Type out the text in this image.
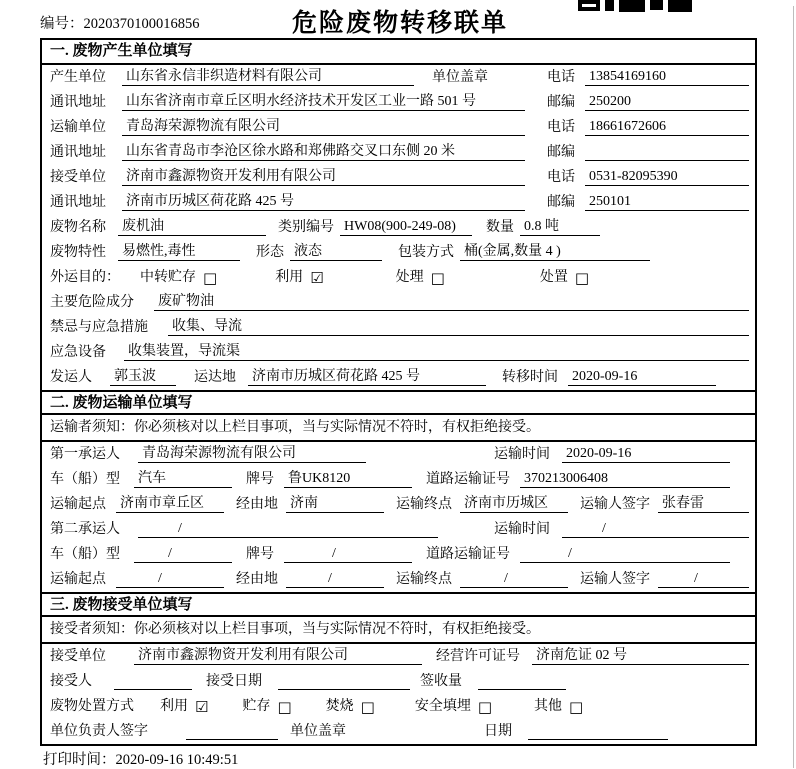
编号：2020370100016856	危险废物转移联单
一. 废物产生单位填写
产生单位	山东省永信非织造材料有限公司	单位盖章	电话	13854169160
通讯地址	山东省济南市章丘区明水经济技术开发区工业一路 501 号	邮编	250200
运输单位	青岛海荣源物流有限公司	电话	18661672606
通讯地址	山东省青岛市李沧区徐水路和郑佛路交叉口东侧 20 米	邮编
接受单位	济南市鑫源物资开发利用有限公司	电话	0531-82095390
通讯地址	济南市历城区荷花路 425 号	邮编	250101
废物名称	废机油	类别编号 HW08(900-249-08)	数量 0.8 吨
废物特性	易燃性,毒性	形态 液态	包装方式 桶(金属,数量 4 )
外运目的：	中转贮存 □	利用 ☑	处理 □	处置 □
主要危险成分	废矿物油
禁忌与应急措施	收集、导流
应急设备	收集装置，导流渠
发运人	郭玉波	运达地	济南市历城区荷花路 425 号	转移时间 2020-09-16
二. 废物运输单位填写
运输者须知：你必须核对以上栏目事项，当与实际情况不符时，有权拒绝接受。
第一承运人	青岛海荣源物流有限公司	运输时间 2020-09-16
车（船）型	汽车	牌号 鲁UK8120	道路运输证号 370213006408
运输起点 济南市章丘区	经由地 济南	运输终点 济南市历城区	运输人签字 张春雷
第二承运人	/	运输时间	/
车（船）型	/	牌号	/	道路运输证号	/
运输起点	/	经由地	/	运输终点	/	运输人签字	/
三. 废物接受单位填写
接受者须知：你必须核对以上栏目事项，当与实际情况不符时，有权拒绝接受。
接受单位	济南市鑫源物资开发利用有限公司	经营许可证号	济南危证 02 号
接受人	接受日期	签收量
废物处置方式	利用 ☑ 贮存 □ 焚烧 □	安全填埋 □	其他 □
单位负责人签字	单位盖章	日期
打印时间：2020-09-16 10:49:51
